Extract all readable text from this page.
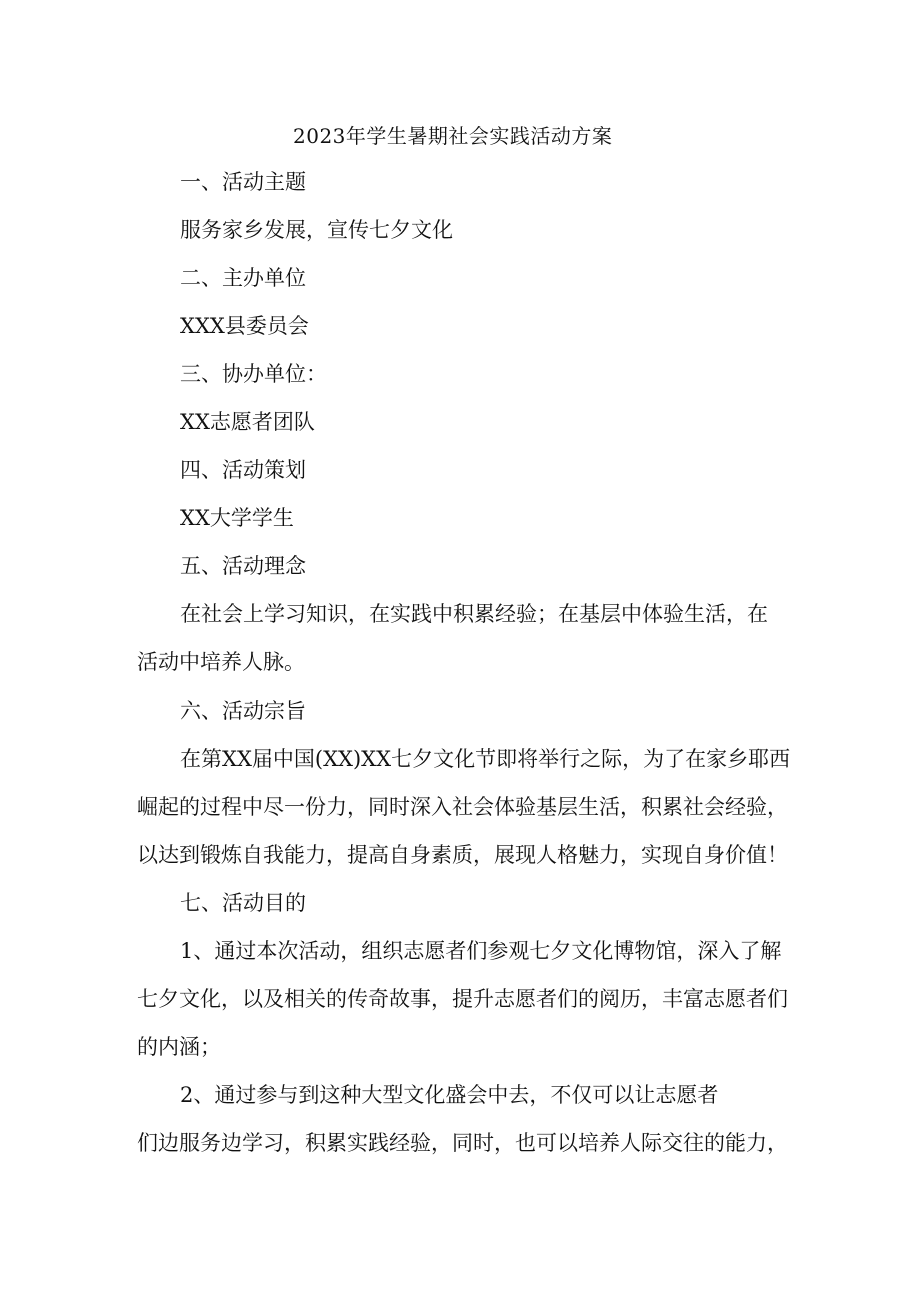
2023年学生暑期社会实践活动方案
一、活动主题
服务家乡发展，宣传七夕文化
二、主办单位
XXX县委员会
三、协办单位：
XX志愿者团队
四、活动策划
XX大学学生
五、活动理念
在社会上学习知识，在实践中积累经验；在基层中体验生活，在
活动中培养人脉。
六、活动宗旨
在第XX届中国(XX)XX七夕文化节即将举行之际，为了在家乡耶西
崛起的过程中尽一份力，同时深入社会体验基层生活，积累社会经验，
以达到锻炼自我能力，提高自身素质，展现人格魅力，实现自身价值！
七、活动目的
1、通过本次活动，组织志愿者们参观七夕文化博物馆，深入了解
七夕文化，以及相关的传奇故事，提升志愿者们的阅历，丰富志愿者们
的内涵；
2、通过参与到这种大型文化盛会中去，不仅可以让志愿者
们边服务边学习，积累实践经验，同时，也可以培养人际交往的能力，
